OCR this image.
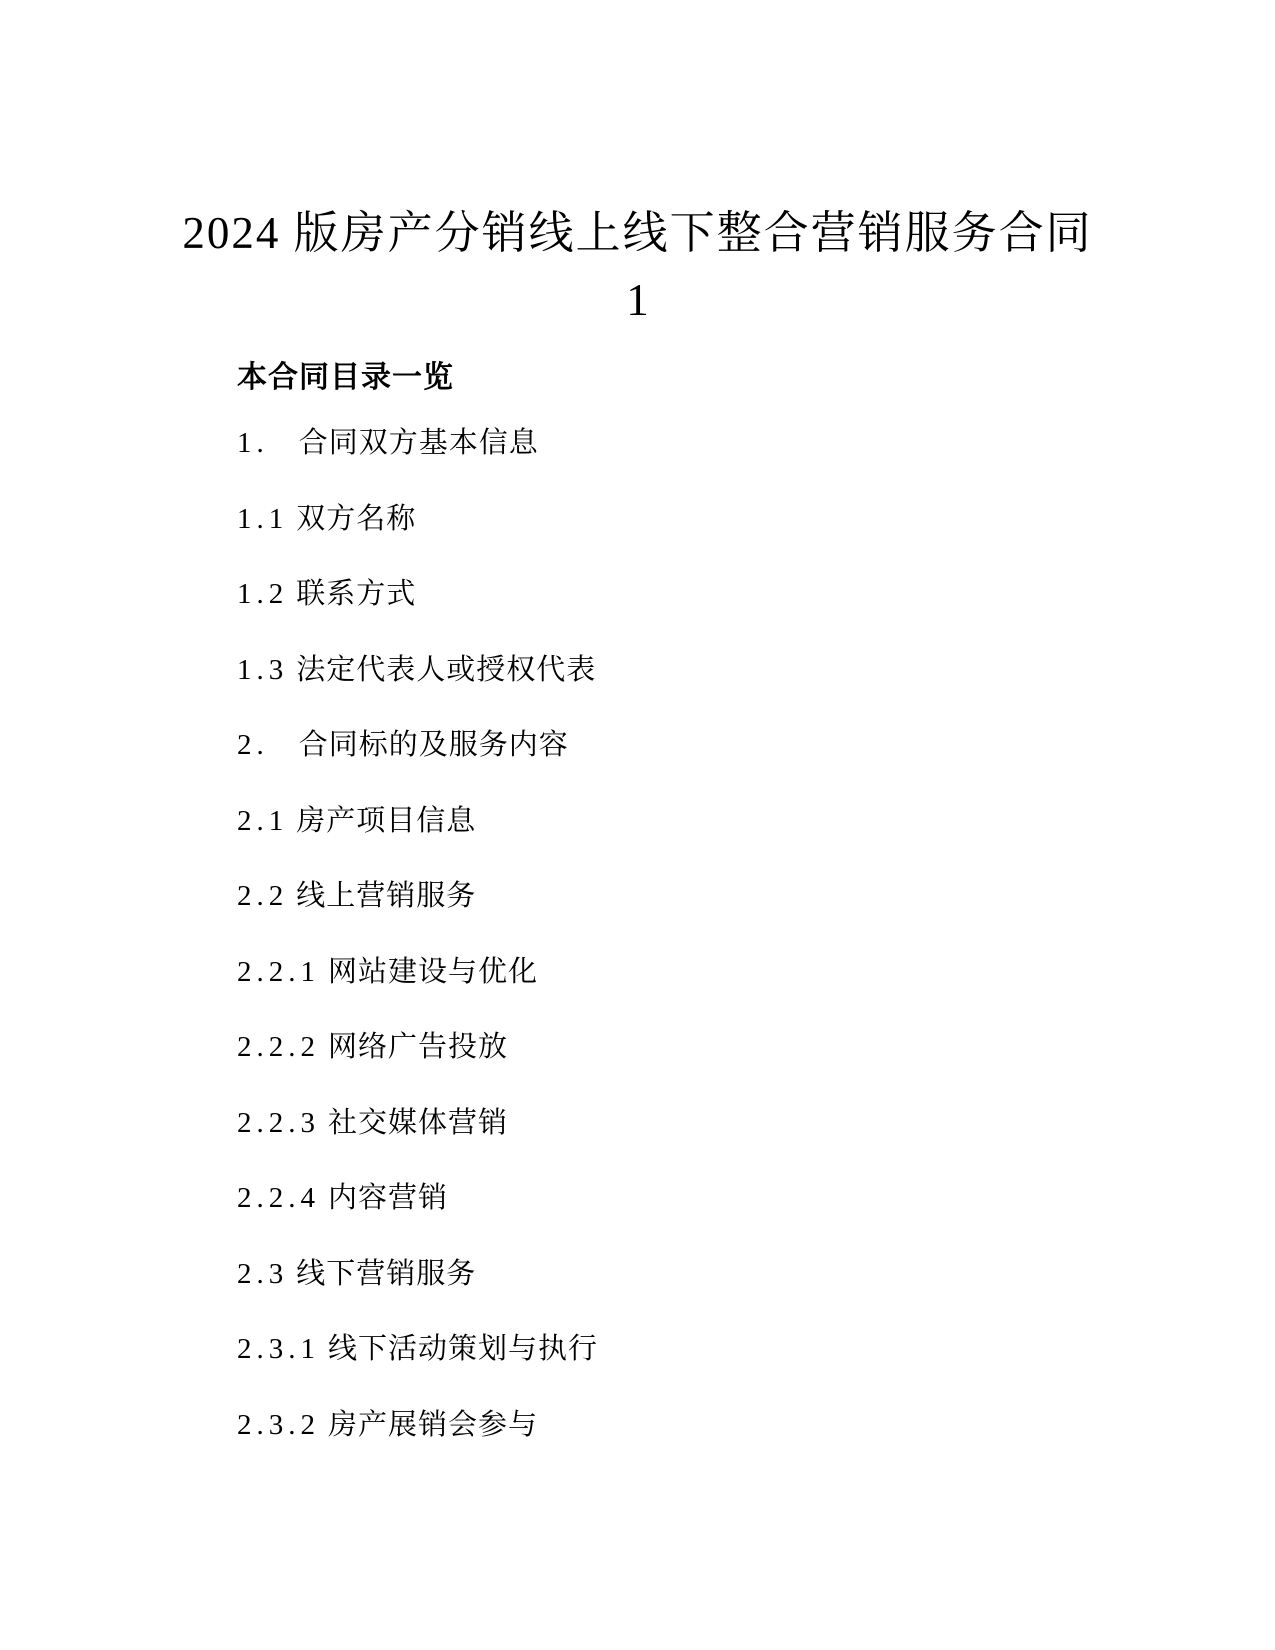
2024 版房产分销线上线下整合营销服务合同
1
本合同目录一览
1. 合同双方基本信息
1.1 双方名称
1.2 联系方式
1.3 法定代表人或授权代表
2. 合同标的及服务内容
2.1 房产项目信息
2.2 线上营销服务
2.2.1 网站建设与优化
2.2.2 网络广告投放
2.2.3 社交媒体营销
2.2.4 内容营销
2.3 线下营销服务
2.3.1 线下活动策划与执行
2.3.2 房产展销会参与
